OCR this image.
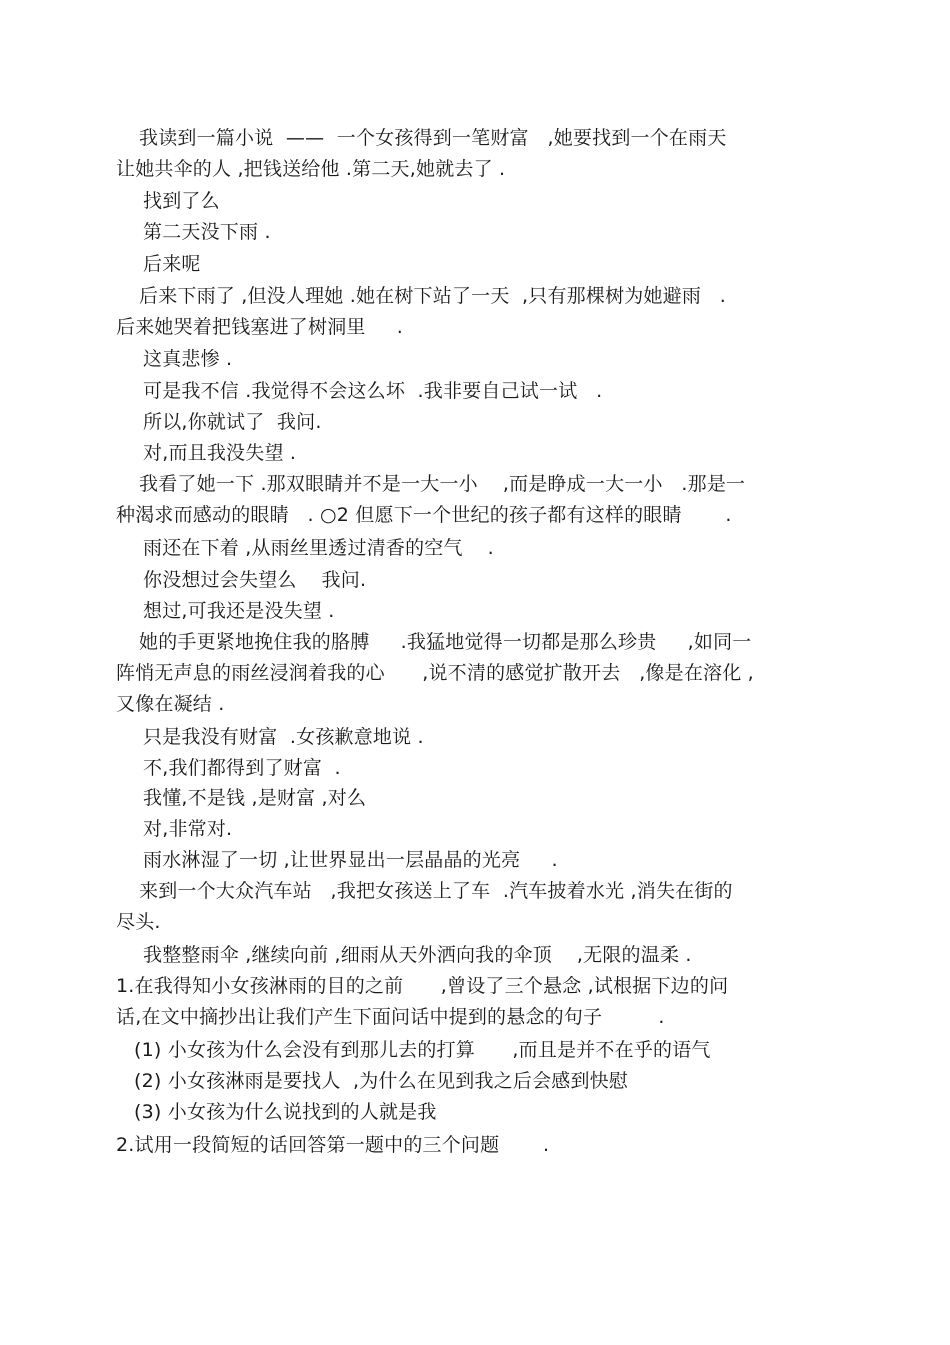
我读到一篇小说  ——  一个女孩得到一笔财富   ,她要找到一个在雨天
让她共伞的人 ,把钱送给他 .第二天,她就去了 .
找到了么
第二天没下雨 .
后来呢
后来下雨了 ,但没人理她 .她在树下站了一天  ,只有那棵树为她避雨   .
后来她哭着把钱塞进了树洞里     .
这真悲惨 .
可是我不信 .我觉得不会这么坏  .我非要自己试一试   .
所以,你就试了  我问.
对,而且我没失望 .
我看了她一下 .那双眼睛并不是一大一小    ,而是睁成一大一小   .那是一
种渴求而感动的眼睛   . ○2 但愿下一个世纪的孩子都有这样的眼睛       .
雨还在下着 ,从雨丝里透过清香的空气    .
你没想过会失望么    我问.
想过,可我还是没失望 .
她的手更紧地挽住我的胳膊     .我猛地觉得一切都是那么珍贵     ,如同一
阵悄无声息的雨丝浸润着我的心      ,说不清的感觉扩散开去   ,像是在溶化 ,
又像在凝结 .
只是我没有财富  .女孩歉意地说 .
不,我们都得到了财富  .
我懂,不是钱 ,是财富 ,对么
对,非常对.
雨水淋湿了一切 ,让世界显出一层晶晶的光亮     .
来到一个大众汽车站   ,我把女孩送上了车  .汽车披着水光 ,消失在街的
尽头.
我整整雨伞 ,继续向前 ,细雨从天外洒向我的伞顶    ,无限的温柔 .
1.在我得知小女孩淋雨的目的之前      ,曾设了三个悬念 ,试根据下边的问
话,在文中摘抄出让我们产生下面问话中提到的悬念的句子         .
(1) 小女孩为什么会没有到那儿去的打算      ,而且是并不在乎的语气
(2) 小女孩淋雨是要找人  ,为什么在见到我之后会感到快慰
(3) 小女孩为什么说找到的人就是我
2.试用一段简短的话回答第一题中的三个问题       .
